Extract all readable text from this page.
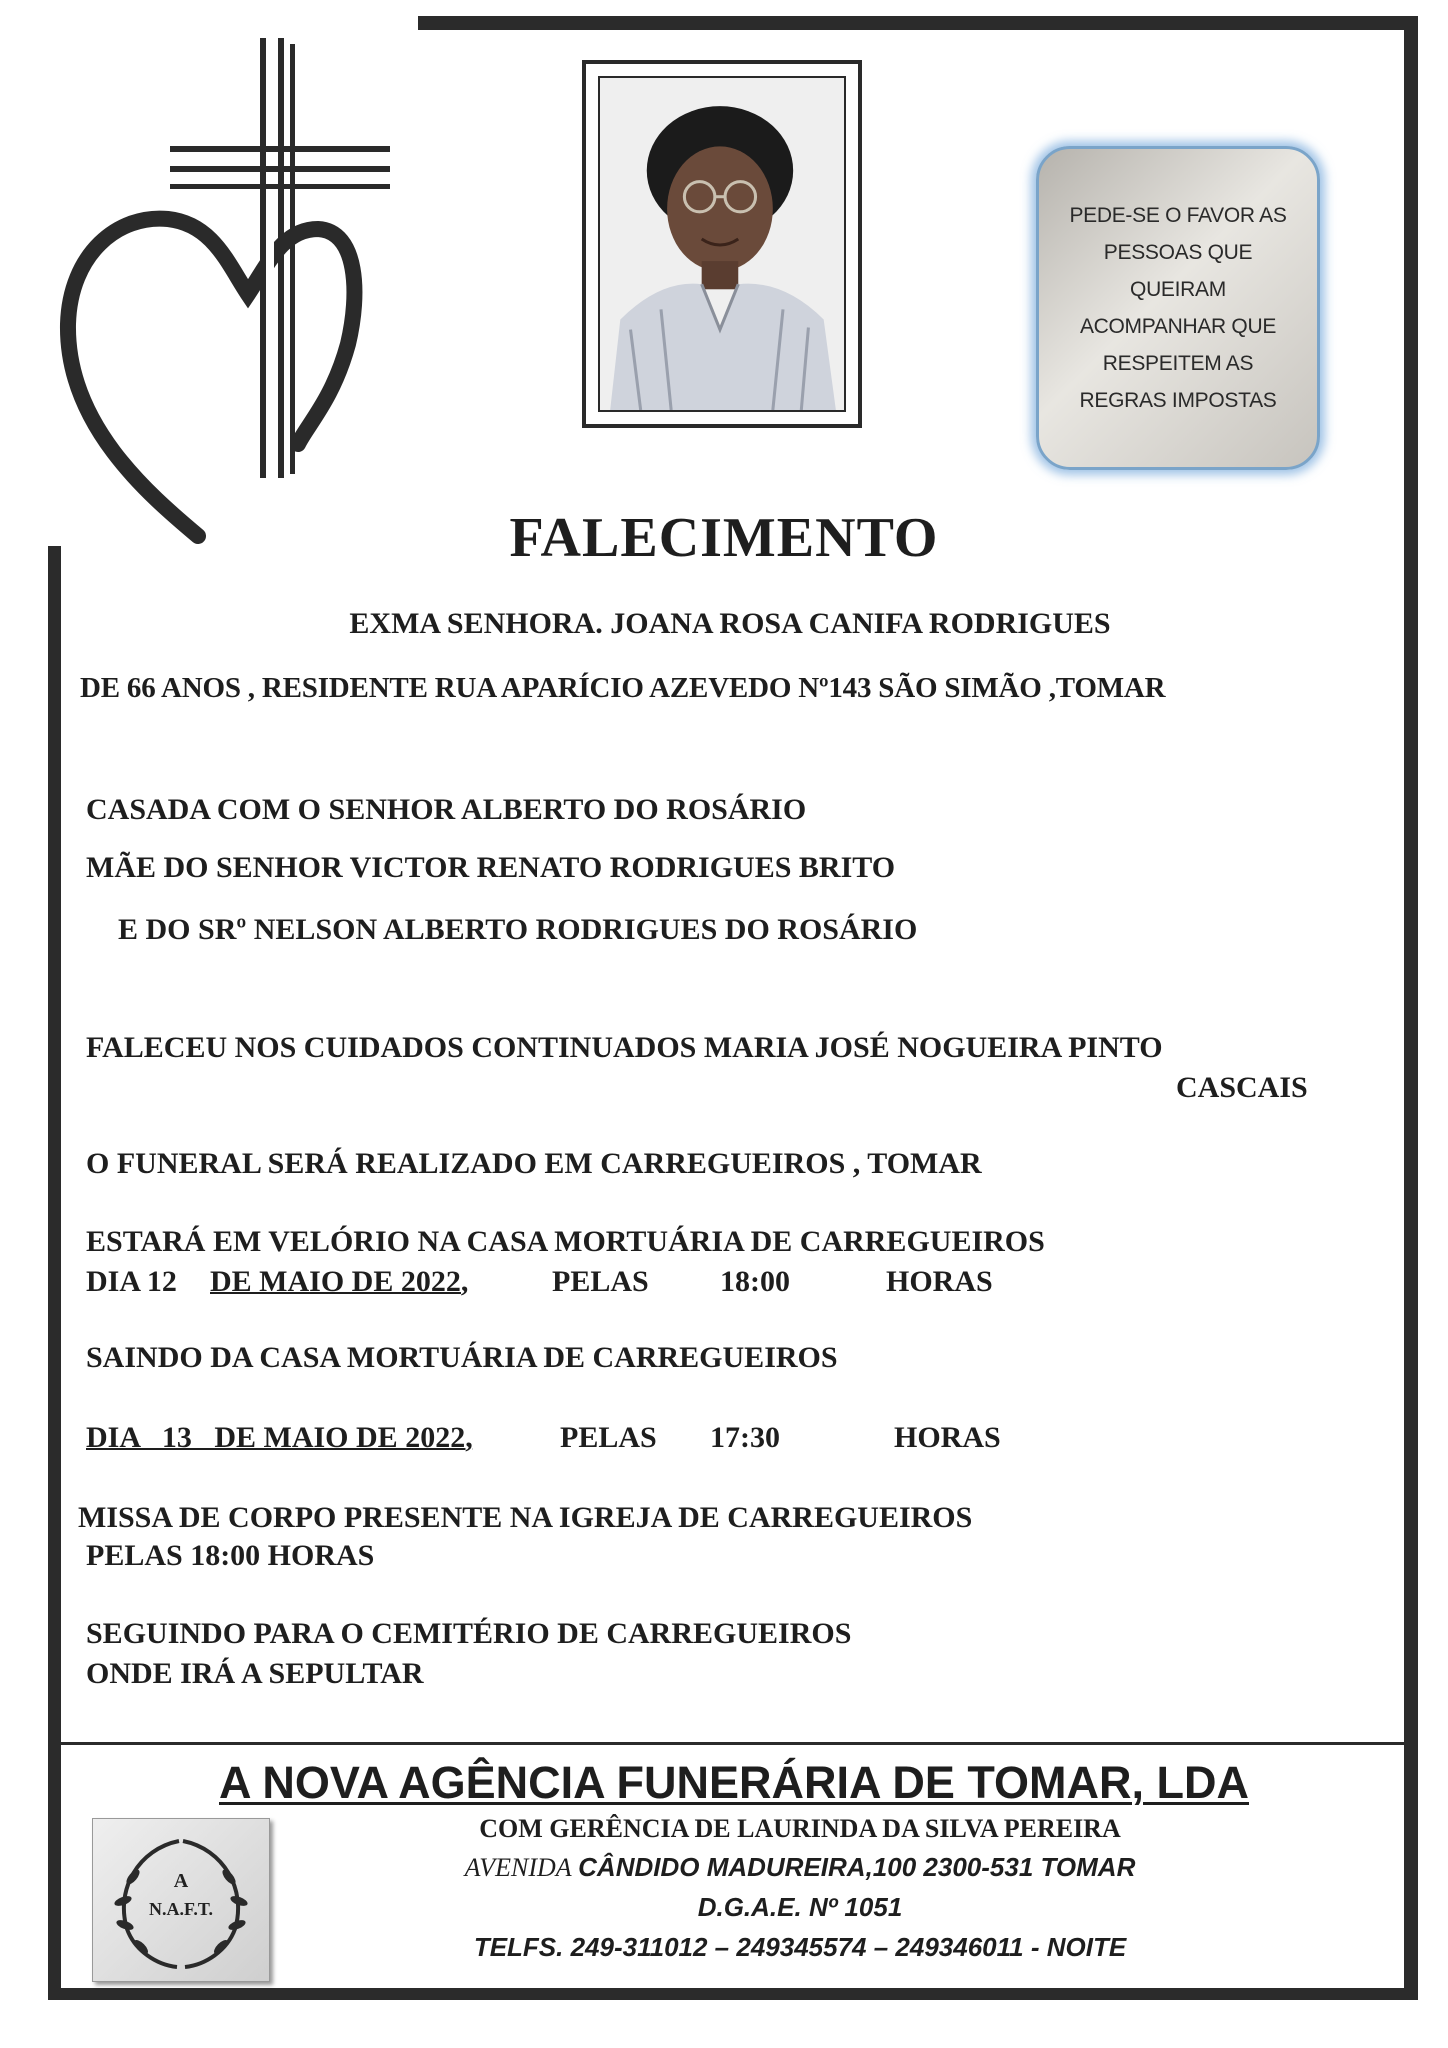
PEDE-SE O FAVOR AS
PESSOAS QUE
QUEIRAM
ACOMPANHAR QUE
RESPEITEM AS
REGRAS IMPOSTAS
FALECIMENTO
EXMA SENHORA. JOANA ROSA CANIFA RODRIGUES
DE 66 ANOS , RESIDENTE RUA APARÍCIO AZEVEDO Nº143 SÃO SIMÃO ,TOMAR
CASADA COM O SENHOR ALBERTO DO ROSÁRIO
MÃE DO SENHOR VICTOR RENATO RODRIGUES BRITO
E DO SRº NELSON ALBERTO RODRIGUES DO ROSÁRIO
FALECEU NOS CUIDADOS CONTINUADOS MARIA JOSÉ NOGUEIRA PINTO
CASCAIS
O FUNERAL SERÁ REALIZADO EM CARREGUEIROS , TOMAR
ESTARÁ EM VELÓRIO NA CASA MORTUÁRIA DE CARREGUEIROS
DIA 12 DE MAIO DE 2022,	PELAS 18:00	HORAS
SAINDO DA CASA MORTUÁRIA DE CARREGUEIROS
DIA   13   DE MAIO DE 2022,	PELAS 17:30	HORAS
MISSA DE CORPO PRESENTE NA IGREJA DE CARREGUEIROS
PELAS 18:00 HORAS
SEGUINDO PARA O CEMITÉRIO DE CARREGUEIROS
ONDE IRÁ A SEPULTAR
A NOVA AGÊNCIA FUNERÁRIA DE TOMAR, LDA
A
N.A.F.T.
COM GERÊNCIA DE LAURINDA DA SILVA PEREIRA
AVENIDA CÂNDIDO MADUREIRA,100 2300-531 TOMAR
D.G.A.E. Nº 1051
TELFS. 249-311012 – 249345574 – 249346011 - NOITE
